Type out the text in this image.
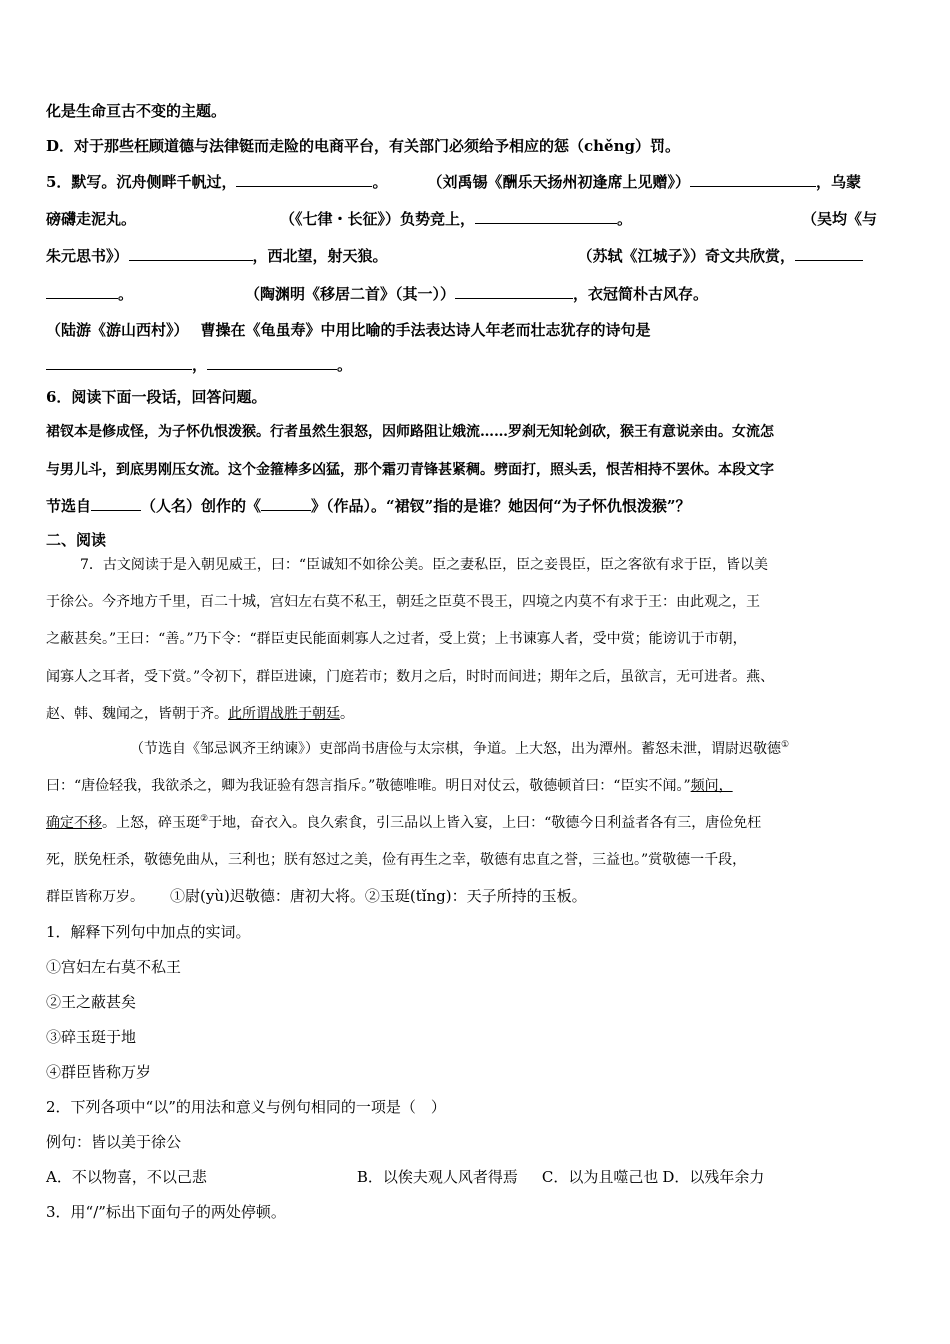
化是生命亘古不变的主题。
D．对于那些枉顾道德与法律铤而走险的电商平台，有关部门必须给予相应的惩（chěng）罚。
5．默写。沉舟侧畔千帆过，	。	（刘禹锡《酬乐天扬州初逢席上见赠》）	，乌蒙
磅礴走泥丸。	（《七律・长征》）负势竞上，	。	（吴均《与
朱元思书》）	，西北望，射天狼。	（苏轼《江城子》）奇文共欣赏，
。	（陶渊明《移居二首》（其一））	，衣冠简朴古风存。
（陆游《游山西村》） 曹操在《龟虽寿》中用比喻的手法表达诗人年老而壮志犹存的诗句是
，	。
6．阅读下面一段话，回答问题。
裙钗本是修成怪，为子怀仇恨泼猴。行者虽然生狠怒，因师路阻让娥流……罗刹无知轮剑砍，猴王有意说亲由。女流怎
与男儿斗，到底男刚压女流。这个金箍棒多凶猛，那个霜刃青锋甚紧稠。劈面打，照头丢，恨苦相持不罢休。本段文字
节选自	（人名）创作的《	》（作品）。“裙钗”指的是谁？她因何“为子怀仇恨泼猴”？
二、阅读
7．古文阅读于是入朝见威王，曰：“臣诚知不如徐公美。臣之妻私臣，臣之妾畏臣，臣之客欲有求于臣，皆以美
于徐公。今齐地方千里，百二十城，宫妇左右莫不私王，朝廷之臣莫不畏王，四境之内莫不有求于王：由此观之，王
之蔽甚矣。”王曰：“善。”乃下令：“群臣吏民能面刺寡人之过者，受上赏；上书谏寡人者，受中赏；能谤讥于市朝，
闻寡人之耳者，受下赏。”令初下，群臣进谏，门庭若市；数月之后，时时而间进；期年之后，虽欲言，无可进者。燕、
赵、韩、魏闻之，皆朝于齐。此所谓战胜于朝廷。
（节选自《邹忌讽齐王纳谏》）吏部尚书唐俭与太宗棋，争道。上大怒，出为潭州。蓄怒未泄，谓尉迟敬德①
曰：“唐俭轻我，我欲杀之，卿为我证验有怨言指斥。”敬德唯唯。明日对仗云，敬德顿首曰：“臣实不闻。”频问，
确定不移。上怒，碎玉珽②于地，奋衣入。良久索食，引三品以上皆入宴，上曰：“敬德今日利益者各有三，唐俭免枉
死，朕免枉杀，敬德免曲从，三利也；朕有怒过之美，俭有再生之幸，敬德有忠直之誉，三益也。”赏敬德一千段，
群臣皆称万岁。 ①尉(yù)迟敬德：唐初大将。②玉珽(tǐng)：天子所持的玉板。
1．解释下列句中加点的实词。
①宫妇左右莫不私王
②王之蔽甚矣
③碎玉珽于地
④群臣皆称万岁
2．下列各项中“以”的用法和意义与例句相同的一项是（　）
例句：皆以美于徐公
A．不以物喜，不以己悲	B．以俟夫观人风者得焉 C．以为且噬己也 D．以残年余力
3．用“/”标出下面句子的两处停顿。
